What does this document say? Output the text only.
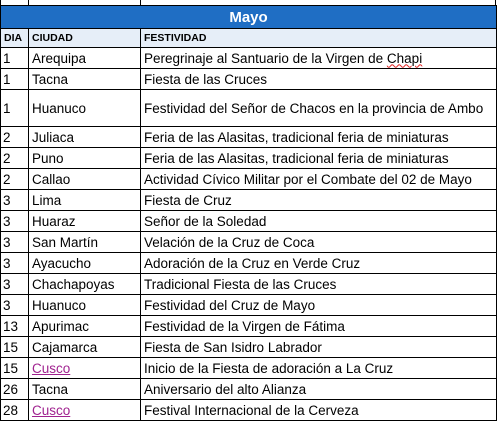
Mayo		
DIA	CIUDAD	FESTIVIDAD
1	Arequipa	Peregrinaje al Santuario de la Virgen de Chapi
1	Tacna	Fiesta de las Cruces
1	Huanuco	Festividad del Señor de Chacos en la provincia de Ambo
2	Juliaca	Feria de las Alasitas, tradicional feria de miniaturas
2	Puno	Feria de las Alasitas, tradicional feria de miniaturas
2	Callao	Actividad Cívico Militar por el Combate del 02 de Mayo
3	Lima	Fiesta de Cruz
3	Huaraz	Señor de la Soledad
3	San Martín	Velación de la Cruz de Coca
3	Ayacucho	Adoración de la Cruz en Verde Cruz
3	Chachapoyas	Tradicional Fiesta de las Cruces
3	Huanuco	Festividad del Cruz de Mayo
13	Apurimac	Festividad de la Virgen de Fátima
15	Cajamarca	Fiesta de San Isidro Labrador
15	Cusco	Inicio de la Fiesta de adoración a La Cruz
26	Tacna	Aniversario del alto Alianza
28	Cusco	Festival Internacional de la Cerveza
